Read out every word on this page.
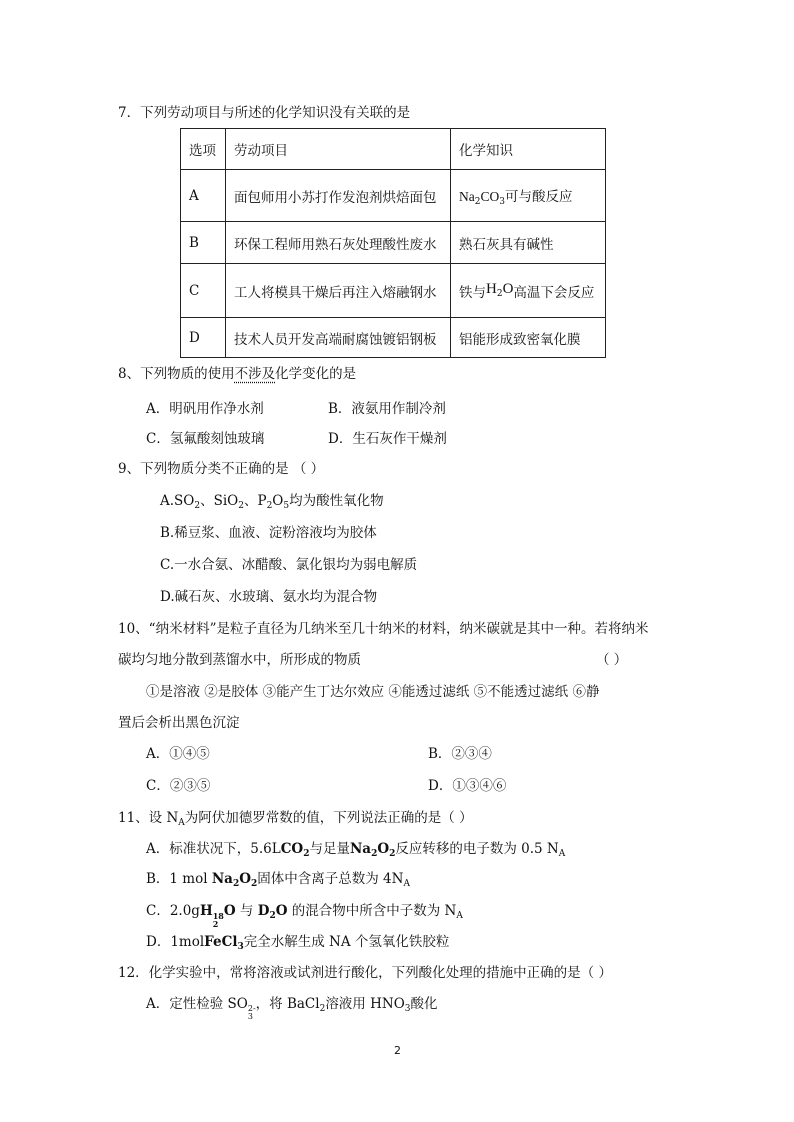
7．下列劳动项目与所述的化学知识没有关联的是
选项	劳动项目	化学知识
A	面包师用小苏打作发泡剂烘焙面包	$Na_2CO_3$可与酸反应
B	环保工程师用熟石灰处理酸性废水	熟石灰具有碱性
C	工人将模具干燥后再注入熔融钢水	铁与H2O高温下会反应
D	技术人员开发高端耐腐蚀镀铝钢板	铝能形成致密氧化膜
8、下列物质的使用不涉及化学变化的是
A．明矾用作净水剂	B．液氨用作制冷剂
C．氢氟酸刻蚀玻璃	D．生石灰作干燥剂
9、下列物质分类不正确的是 （ ）
$A.SO_2$、SiO$_2$、$P_2O_5$均为酸性氧化物
B.稀豆浆、血液、淀粉溶液均为胶体
C.一水合氨、冰醋酸、氯化银均为弱电解质
D.碱石灰、水玻璃、氨水均为混合物
10、“纳米材料”是粒子直径为几纳米至几十纳米的材料，纳米碳就是其中一种。若将纳米
碳均匀地分散到蒸馏水中，所形成的物质	（ ）
①是溶液 ②是胶体 ③能产生丁达尔效应 ④能透过滤纸 ⑤不能透过滤纸 ⑥静
置后会析出黑色沉淀
A．①④⑤	B．②③④
C．②③⑤	D．①③④⑥
11、设 $N_A$为阿伏加德罗常数的值，下列说法正确的是（ ）
A．标准状况下，$5.6LCO_2$与足量$Na_2O_2$反应转移的电子数为 0.5 $N_A$
B．1 mol $Na_2O_2$固体中含离子总数为 $4N_A$
C．2.0gH 18
2
O 与 $D_2O$ 的混合物中所含中子数为 $N_A$
D．1molFeCl$_3$完全水解生成 NA 个氢氧化铁胶粒
12．化学实验中，常将溶液或试剂进行酸化，下列酸化处理的措施中正确的是（ ）
A．定性检验 SO 2-
3
，将 BaCl$_2$溶液用 $HNO_3$酸化
2
